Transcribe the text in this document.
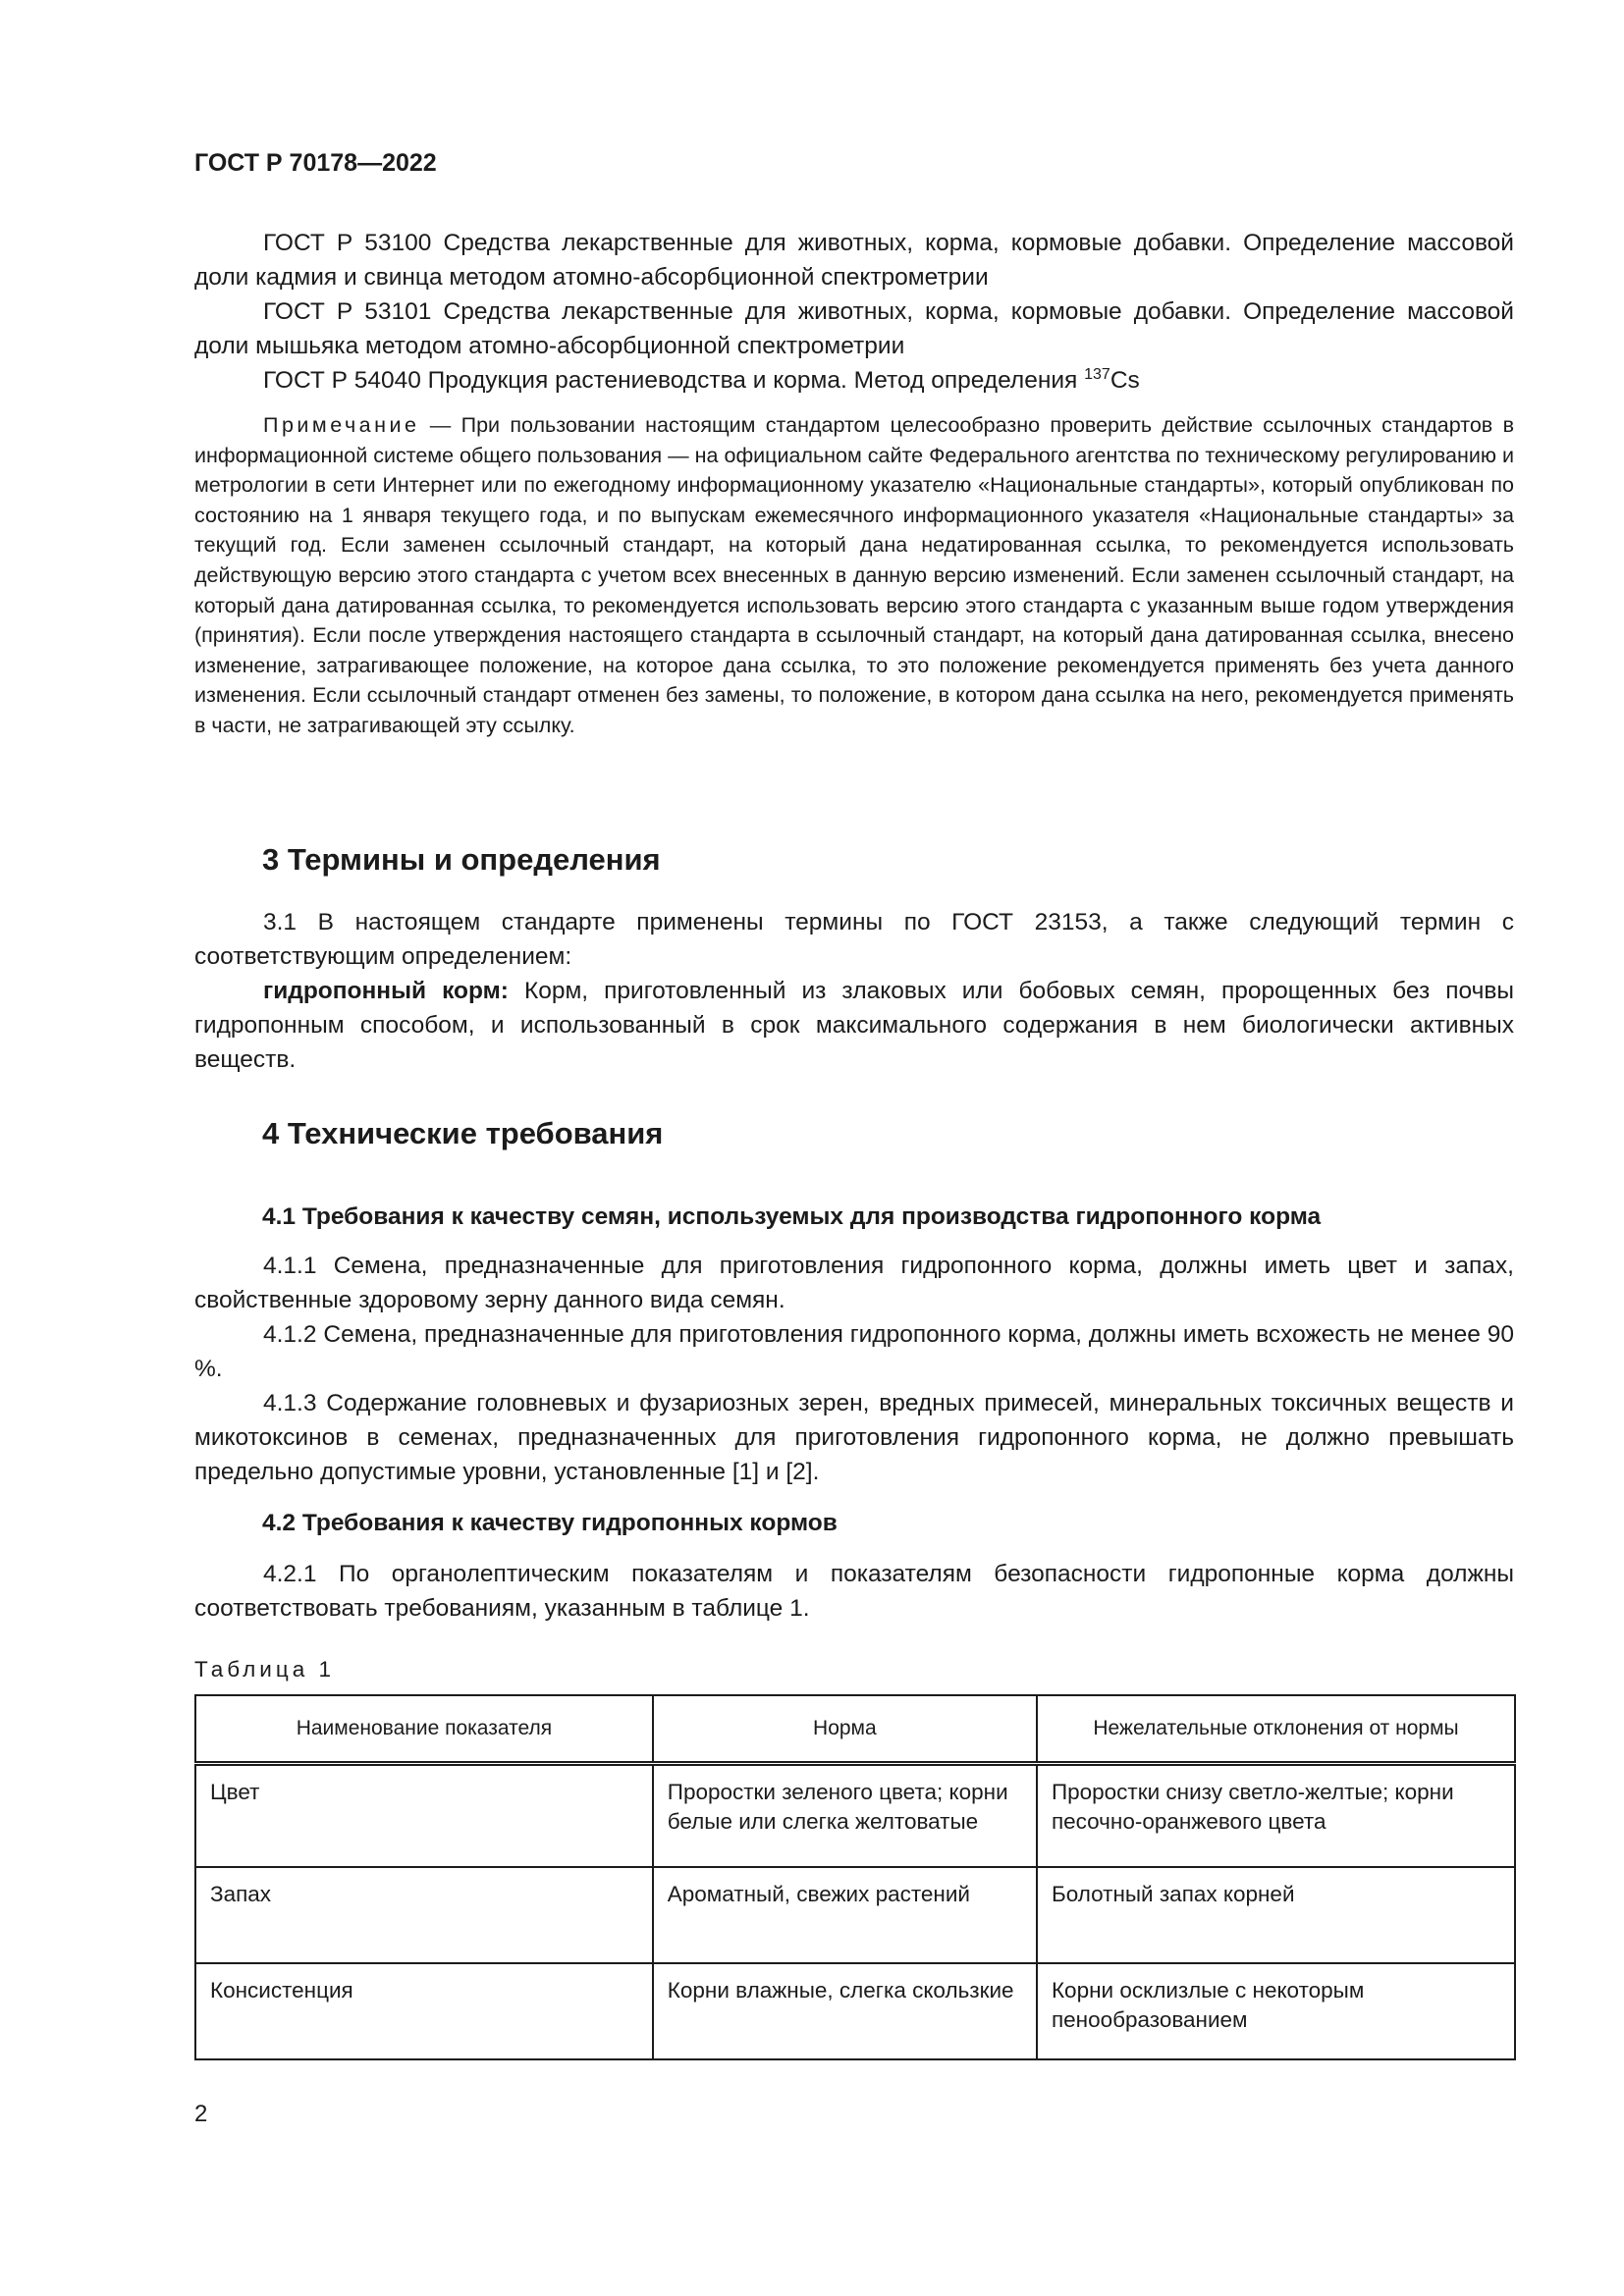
ГОСТ Р 70178—2022

ГОСТ Р 53100 Средства лекарственные для животных, корма, кормовые добавки. Определение массовой доли кадмия и свинца методом атомно-абсорбционной спектрометрии

ГОСТ Р 53101 Средства лекарственные для животных, корма, кормовые добавки. Определение массовой доли мышьяка методом атомно-абсорбционной спектрометрии

ГОСТ Р 54040 Продукция растениеводства и корма. Метод определения $^{137}$Cs

Примечание — При пользовании настоящим стандартом целесообразно проверить действие ссылочных стандартов в информационной системе общего пользования — на официальном сайте Федерального агентства по техническому регулированию и метрологии в сети Интернет или по ежегодному информационному указателю «Национальные стандарты», который опубликован по состоянию на 1 января текущего года, и по выпускам ежемесячного информационного указателя «Национальные стандарты» за текущий год. Если заменен ссылочный стандарт, на который дана недатированная ссылка, то рекомендуется использовать действующую версию этого стандарта с учетом всех внесенных в данную версию изменений. Если заменен ссылочный стандарт, на который дана датированная ссылка, то рекомендуется использовать версию этого стандарта с указанным выше годом утверждения (принятия). Если после утверждения настоящего стандарта в ссылочный стандарт, на который дана датированная ссылка, внесено изменение, затрагивающее положение, на которое дана ссылка, то это положение рекомендуется применять без учета данного изменения. Если ссылочный стандарт отменен без замены, то положение, в котором дана ссылка на него, рекомендуется применять в части, не затрагивающей эту ссылку.

3 Термины и определения

3.1 В настоящем стандарте применены термины по ГОСТ 23153, а также следующий термин с соответствующим определением:

гидропонный корм: Корм, приготовленный из злаковых или бобовых семян, пророщенных без почвы гидропонным способом, и использованный в срок максимального содержания в нем биологически активных веществ.

4 Технические требования
4.1 Требования к качеству семян, используемых для производства гидропонного корма

4.1.1 Семена, предназначенные для приготовления гидропонного корма, должны иметь цвет и запах, свойственные здоровому зерну данного вида семян.

4.1.2 Семена, предназначенные для приготовления гидропонного корма, должны иметь всхожесть не менее 90 %.

4.1.3 Содержание головневых и фузариозных зерен, вредных примесей, минеральных токсичных веществ и микотоксинов в семенах, предназначенных для приготовления гидропонного корма, не должно превышать предельно допустимые уровни, установленные [1] и [2].

4.2 Требования к качеству гидропонных кормов

4.2.1 По органолептическим показателям и показателям безопасности гидропонные корма должны соответствовать требованиям, указанным в таблице 1.

Таблица 1
Наименование показателя	Норма	Нежелательные отклонения от нормы
Цвет	Проростки зеленого цвета; корни белые или слегка желтоватые	Проростки снизу светло-желтые; корни песочно-оранжевого цвета
Запах	Ароматный, свежих растений	Болотный запах корней
Консистенция	Корни влажные, слегка скользкие	Корни осклизлые с некоторым пенообразованием
2
